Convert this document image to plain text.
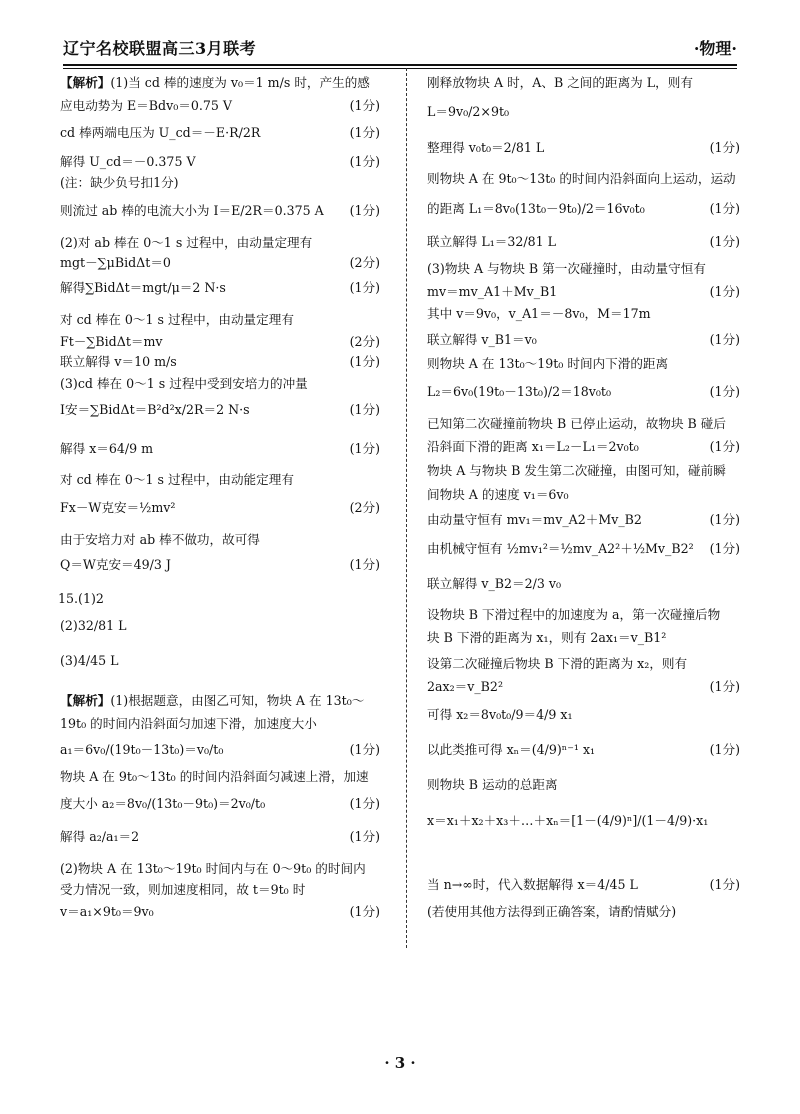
辽宁名校联盟高三3月联考	·物理·
【解析】(1)当 cd 棒的速度为 v₀＝1 m/s 时，产生的感
应电动势为 E＝Bdv₀＝0.75 V	(1分)
cd 棒两端电压为 U_cd＝－E·R/2R	(1分)
解得 U_cd＝－0.375 V	(1分)
(注：缺少负号扣1分)
则流过 ab 棒的电流大小为 I＝E/2R＝0.375 A (1分)
(2)对 ab 棒在 0～1 s 过程中，由动量定理有
mgt－∑μBidΔt＝0	(2分)
解得∑BidΔt＝mgt/μ＝2 N·s	(1分)
对 cd 棒在 0～1 s 过程中，由动量定理有
Ft－∑BidΔt＝mv	(2分)
联立解得 v＝10 m/s	(1分)
(3)cd 棒在 0～1 s 过程中受到安培力的冲量
I安＝∑BidΔt＝B²d²x/2R＝2 N·s	(1分)
解得 x＝64/9 m	(1分)
对 cd 棒在 0～1 s 过程中，由动能定理有
Fx－W克安＝½mv²	(2分)
由于安培力对 ab 棒不做功，故可得
Q＝W克安＝49/3 J	(1分)
15.(1)2
(2)32/81 L
(3)4/45 L
【解析】(1)根据题意，由图乙可知，物块 A 在 13t₀～
19t₀ 的时间内沿斜面匀加速下滑，加速度大小
a₁＝6v₀/(19t₀－13t₀)＝v₀/t₀	(1分)
物块 A 在 9t₀～13t₀ 的时间内沿斜面匀减速上滑，加速
度大小 a₂＝8v₀/(13t₀－9t₀)＝2v₀/t₀	(1分)
解得 a₂/a₁＝2	(1分)
(2)物块 A 在 13t₀～19t₀ 时间内与在 0～9t₀ 的时间内
受力情况一致，则加速度相同，故 t＝9t₀ 时
v＝a₁×9t₀＝9v₀	(1分)
刚释放物块 A 时，A、B 之间的距离为 L，则有
L＝9v₀/2×9t₀
整理得 v₀t₀＝2/81 L	(1分)
则物块 A 在 9t₀～13t₀ 的时间内沿斜面向上运动，运动
的距离 L₁＝8v₀(13t₀－9t₀)/2＝16v₀t₀	(1分)
联立解得 L₁＝32/81 L	(1分)
(3)物块 A 与物块 B 第一次碰撞时，由动量守恒有
mv＝mv_A1＋Mv_B1	(1分)
其中 v＝9v₀，v_A1＝－8v₀，M＝17m
联立解得 v_B1＝v₀	(1分)
则物块 A 在 13t₀～19t₀ 时间内下滑的距离
L₂＝6v₀(19t₀－13t₀)/2＝18v₀t₀	(1分)
已知第二次碰撞前物块 B 已停止运动，故物块 B 碰后
沿斜面下滑的距离 x₁＝L₂－L₁＝2v₀t₀	(1分)
物块 A 与物块 B 发生第二次碰撞，由图可知，碰前瞬
间物块 A 的速度 v₁＝6v₀
由动量守恒有 mv₁＝mv_A2＋Mv_B2	(1分)
由机械守恒有 ½mv₁²＝½mv_A2²＋½Mv_B2² (1分)
联立解得 v_B2＝2/3 v₀
设物块 B 下滑过程中的加速度为 a，第一次碰撞后物
块 B 下滑的距离为 x₁，则有 2ax₁＝v_B1²
设第二次碰撞后物块 B 下滑的距离为 x₂，则有
2ax₂＝v_B2²	(1分)
可得 x₂＝8v₀t₀/9＝4/9 x₁
以此类推可得 xₙ＝(4/9)ⁿ⁻¹ x₁	(1分)
则物块 B 运动的总距离
x＝x₁＋x₂＋x₃＋…＋xₙ＝[1－(4/9)ⁿ]/(1－4/9)·x₁
当 n→∞时，代入数据解得 x＝4/45 L	(1分)
(若使用其他方法得到正确答案，请酌情赋分)
· 3 ·
